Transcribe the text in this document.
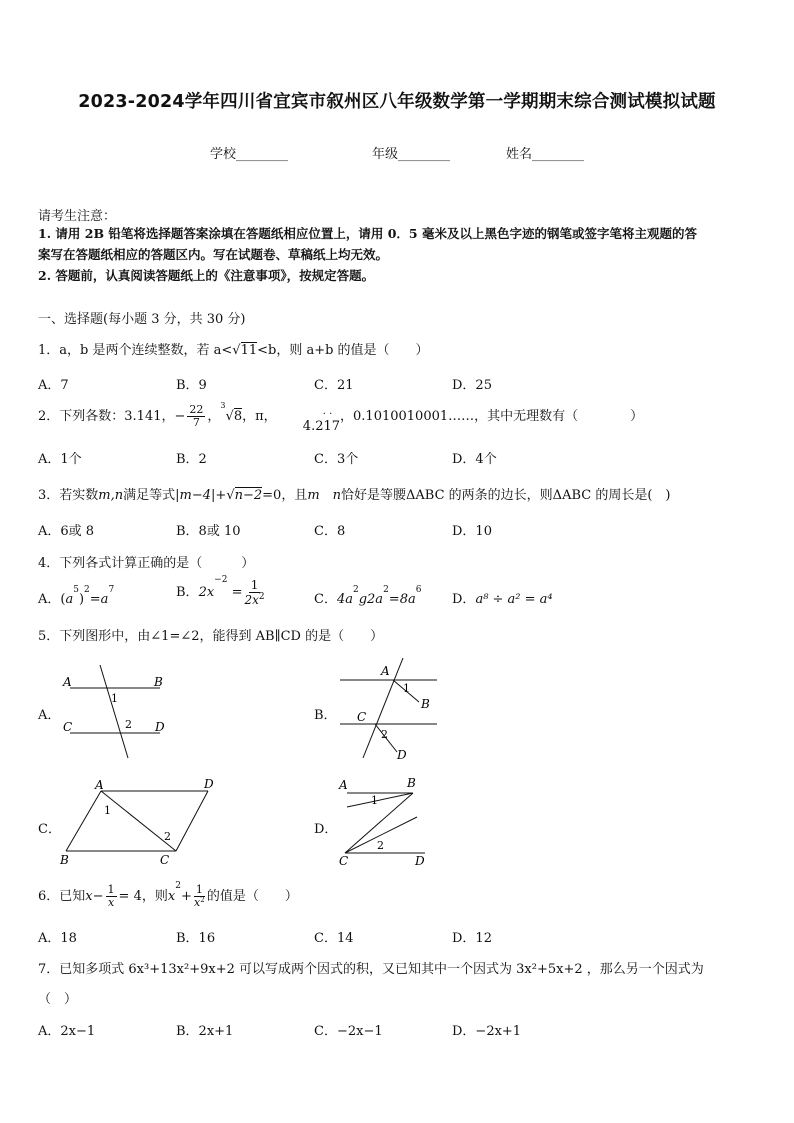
2023-2024学年四川省宜宾市叙州区八年级数学第一学期期末综合测试模拟试题
学校________	年级________	姓名________
请考生注意：
1. 请用 2B 铅笔将选择题答案涂填在答题纸相应位置上，请用 0．5 毫米及以上黑色字迹的钢笔或签字笔将主观题的答
案写在答题纸相应的答题区内。写在试题卷、草稿纸上均无效。
2. 答题前，认真阅读答题纸上的《注意事项》，按规定答题。
一、选择题(每小题 3 分，共 30 分)
1．a，b 是两个连续整数，若 a<√11<b，则 a+b 的值是（　　）
A．7	B．9	C．21	D．25
2．下列各数：3.141，− $\frac{22}{7}$ ，$^3$√8，π，	· ·
4.217，0.1010010001……，其中无理数有（　　　　）
A．1个	B．2	C．3个	D．4个
3．若实数m,n满足等式|m−4|+√n−2=0，且m　n恰好是等腰ΔABC 的两条的边长，则ΔABC 的周长是(　)
A．6或 8	B．8或 10	C．8	D．10
4．下列各式计算正确的是（　　　）
A．$(a^5)^2=a^7$	B．$2x^{-2} = \frac{1}{2x^2}$	C．$4a^2g2a^2=8a^6$
D．a⁸ ÷ a² = a⁴
5．下列图形中，由∠1=∠2，能得到 AB∥CD 的是（　　）
A．	B．
C．	D．
A	B
C	D
1
2
A
B
C
D
1
2
A	D
B	C
1
2
A	B
C	D
1
2
6．已知$x- \frac{1}{x} = 4$，则$x^2+ \frac{1}{x^2}$ 的值是（　　）
A．18	B．16	C．14	D．12
7．已知多项式 6x³+13x²+9x+2 可以写成两个因式的积，又已知其中一个因式为 3x²+5x+2 ，那么另一个因式为
（　）
A．2x−1	B．2x+1	C．−2x−1	D．−2x+1
